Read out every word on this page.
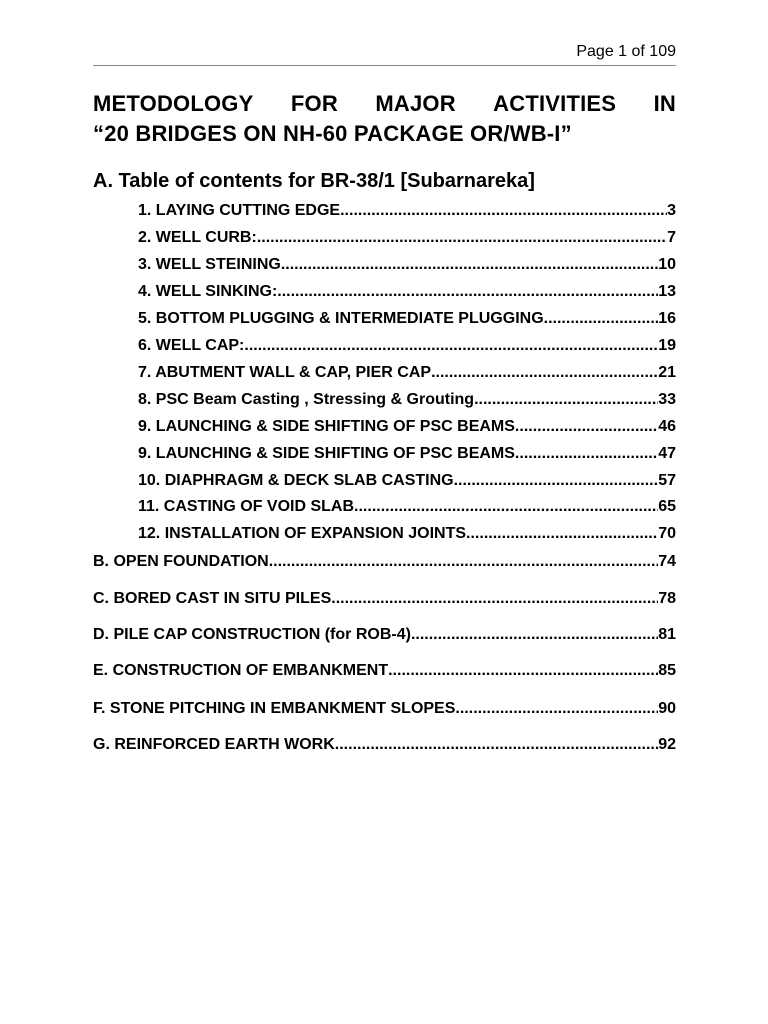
Page 1 of 109
METODOLOGY FOR MAJOR ACTIVITIES IN
“20 BRIDGES ON NH-60 PACKAGE OR/WB-I”
A. Table of contents for BR-38/1 [Subarnareka]
1. LAYING CUTTING EDGE .....	3
2. WELL CURB: .....	7
3. WELL STEINING .....	10
4. WELL SINKING: .....	13
5. BOTTOM PLUGGING & INTERMEDIATE PLUGGING .....	16
6. WELL CAP: .....	19
7. ABUTMENT WALL & CAP, PIER CAP .....	21
8. PSC Beam Casting , Stressing & Grouting .....	33
9. LAUNCHING & SIDE SHIFTING OF PSC BEAMS .....	46
9. LAUNCHING & SIDE SHIFTING OF PSC BEAMS .....	47
10. DIAPHRAGM & DECK SLAB CASTING .....	57
11. CASTING OF VOID SLAB .....	65
12. INSTALLATION OF EXPANSION JOINTS .....	70
B. OPEN FOUNDATION .....	74
C. BORED CAST IN SITU PILES .....	78
D. PILE CAP CONSTRUCTION (for ROB-4) .....	81
E. CONSTRUCTION OF EMBANKMENT .....	85
F. STONE PITCHING IN EMBANKMENT SLOPES .....	90
G. REINFORCED EARTH WORK .....	92
